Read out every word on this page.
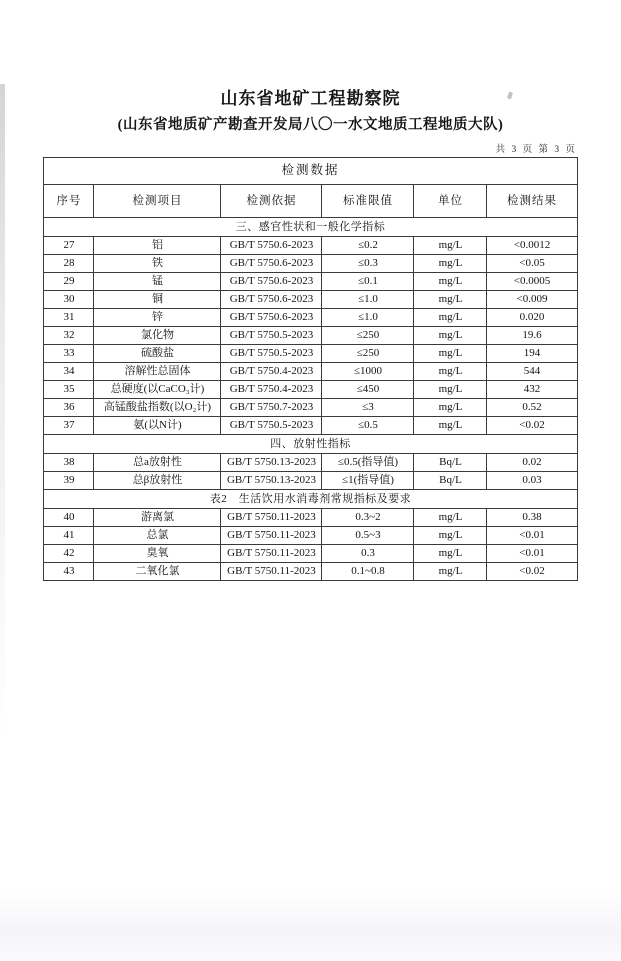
山东省地矿工程勘察院
(山东省地质矿产勘查开发局八〇一水文地质工程地质大队)
共 3 页 第 3 页
检测数据					
序号	检测项目	检测依据	标准限值	单位	检测结果
三、感官性状和一般化学指标					
27	铝	GB/T 5750.6-2023	≤0.2	mg/L	<0.0012
28	铁	GB/T 5750.6-2023	≤0.3	mg/L	<0.05
29	锰	GB/T 5750.6-2023	≤0.1	mg/L	<0.0005
30	铜	GB/T 5750.6-2023	≤1.0	mg/L	<0.009
31	锌	GB/T 5750.6-2023	≤1.0	mg/L	0.020
32	氯化物	GB/T 5750.5-2023	≤250	mg/L	19.6
33	硫酸盐	GB/T 5750.5-2023	≤250	mg/L	194
34	溶解性总固体	GB/T 5750.4-2023	≤1000	mg/L	544
35	总硬度(以CaCO₃计)	GB/T 5750.4-2023	≤450	mg/L	432
36	高锰酸盐指数(以O₂计)	GB/T 5750.7-2023	≤3	mg/L	0.52
37	氨(以N计)	GB/T 5750.5-2023	≤0.5	mg/L	<0.02
四、放射性指标					
38	总a放射性	GB/T 5750.13-2023	≤0.5(指导值)	Bq/L	0.02
39	总β放射性	GB/T 5750.13-2023	≤1(指导值)	Bq/L	0.03
表2　生活饮用水消毒剂常规指标及要求					
40	游离氯	GB/T 5750.11-2023	0.3~2	mg/L	0.38
41	总氯	GB/T 5750.11-2023	0.5~3	mg/L	<0.01
42	臭氧	GB/T 5750.11-2023	0.3	mg/L	<0.01
43	二氧化氯	GB/T 5750.11-2023	0.1~0.8	mg/L	<0.02
